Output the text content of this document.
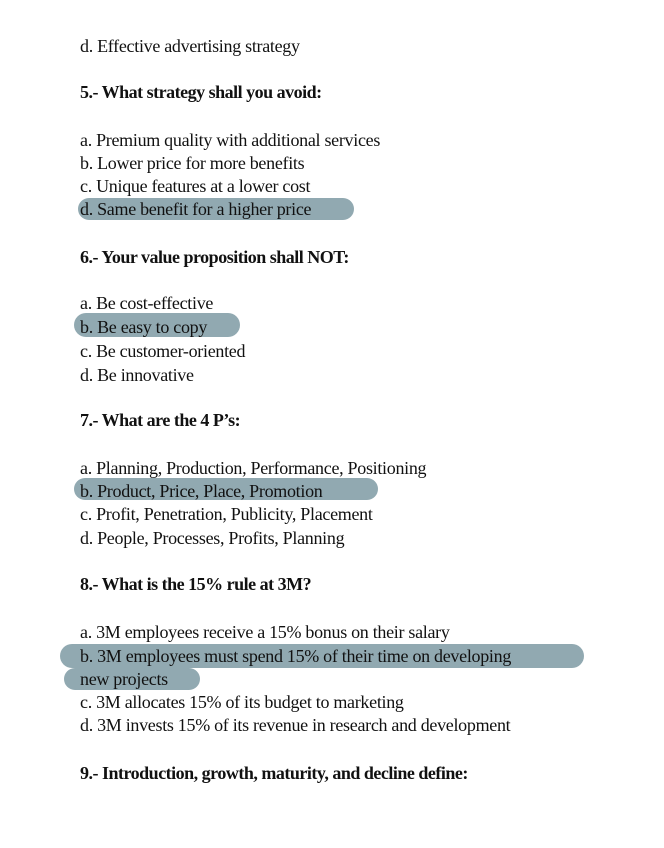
d. Effective advertising strategy
5.- What strategy shall you avoid:
a. Premium quality with additional services
b. Lower price for more benefits
c. Unique features at a lower cost
d. Same benefit for a higher price
6.- Your value proposition shall NOT:
a. Be cost-effective
b. Be easy to copy
c. Be customer-oriented
d. Be innovative
7.- What are the 4 P’s:
a. Planning, Production, Performance, Positioning
b. Product, Price, Place, Promotion
c. Profit, Penetration, Publicity, Placement
d. People, Processes, Profits, Planning
8.- What is the 15% rule at 3M?
a. 3M employees receive a 15% bonus on their salary
b. 3M employees must spend 15% of their time on developing
new projects
c. 3M allocates 15% of its budget to marketing
d. 3M invests 15% of its revenue in research and development
9.- Introduction, growth, maturity, and decline define:
